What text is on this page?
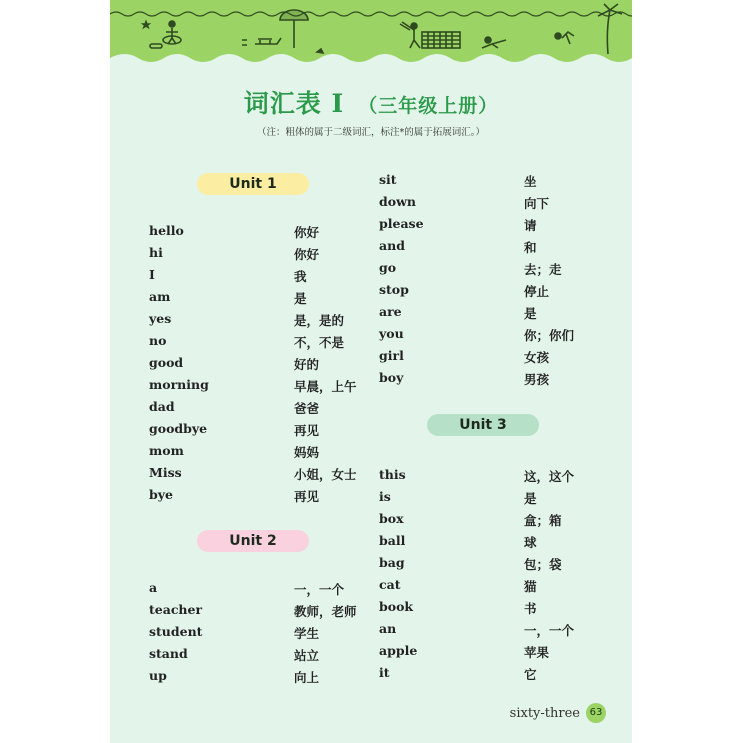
词汇表 I （三年级上册）
（注：粗体的属于二级词汇，标注*的属于拓展词汇。）
Unit 1
Unit 2
Unit 3
hello	你好
hi	你好
I	我
am	是
yes	是，是的
no	不，不是
good	好的
morning	早晨，上午
dad	爸爸
goodbye	再见
mom	妈妈
Miss	小姐，女士
bye	再见
a	一，一个
teacher	教师，老师
student	学生
stand	站立
up	向上
sit	坐
down	向下
please	请
and	和
go	去；走
stop	停止
are	是
you	你；你们
girl	女孩
boy	男孩
this	这，这个
is	是
box	盒；箱
ball	球
bag	包；袋
cat	猫
book	书
an	一，一个
apple	苹果
it	它
sixty-three 63
